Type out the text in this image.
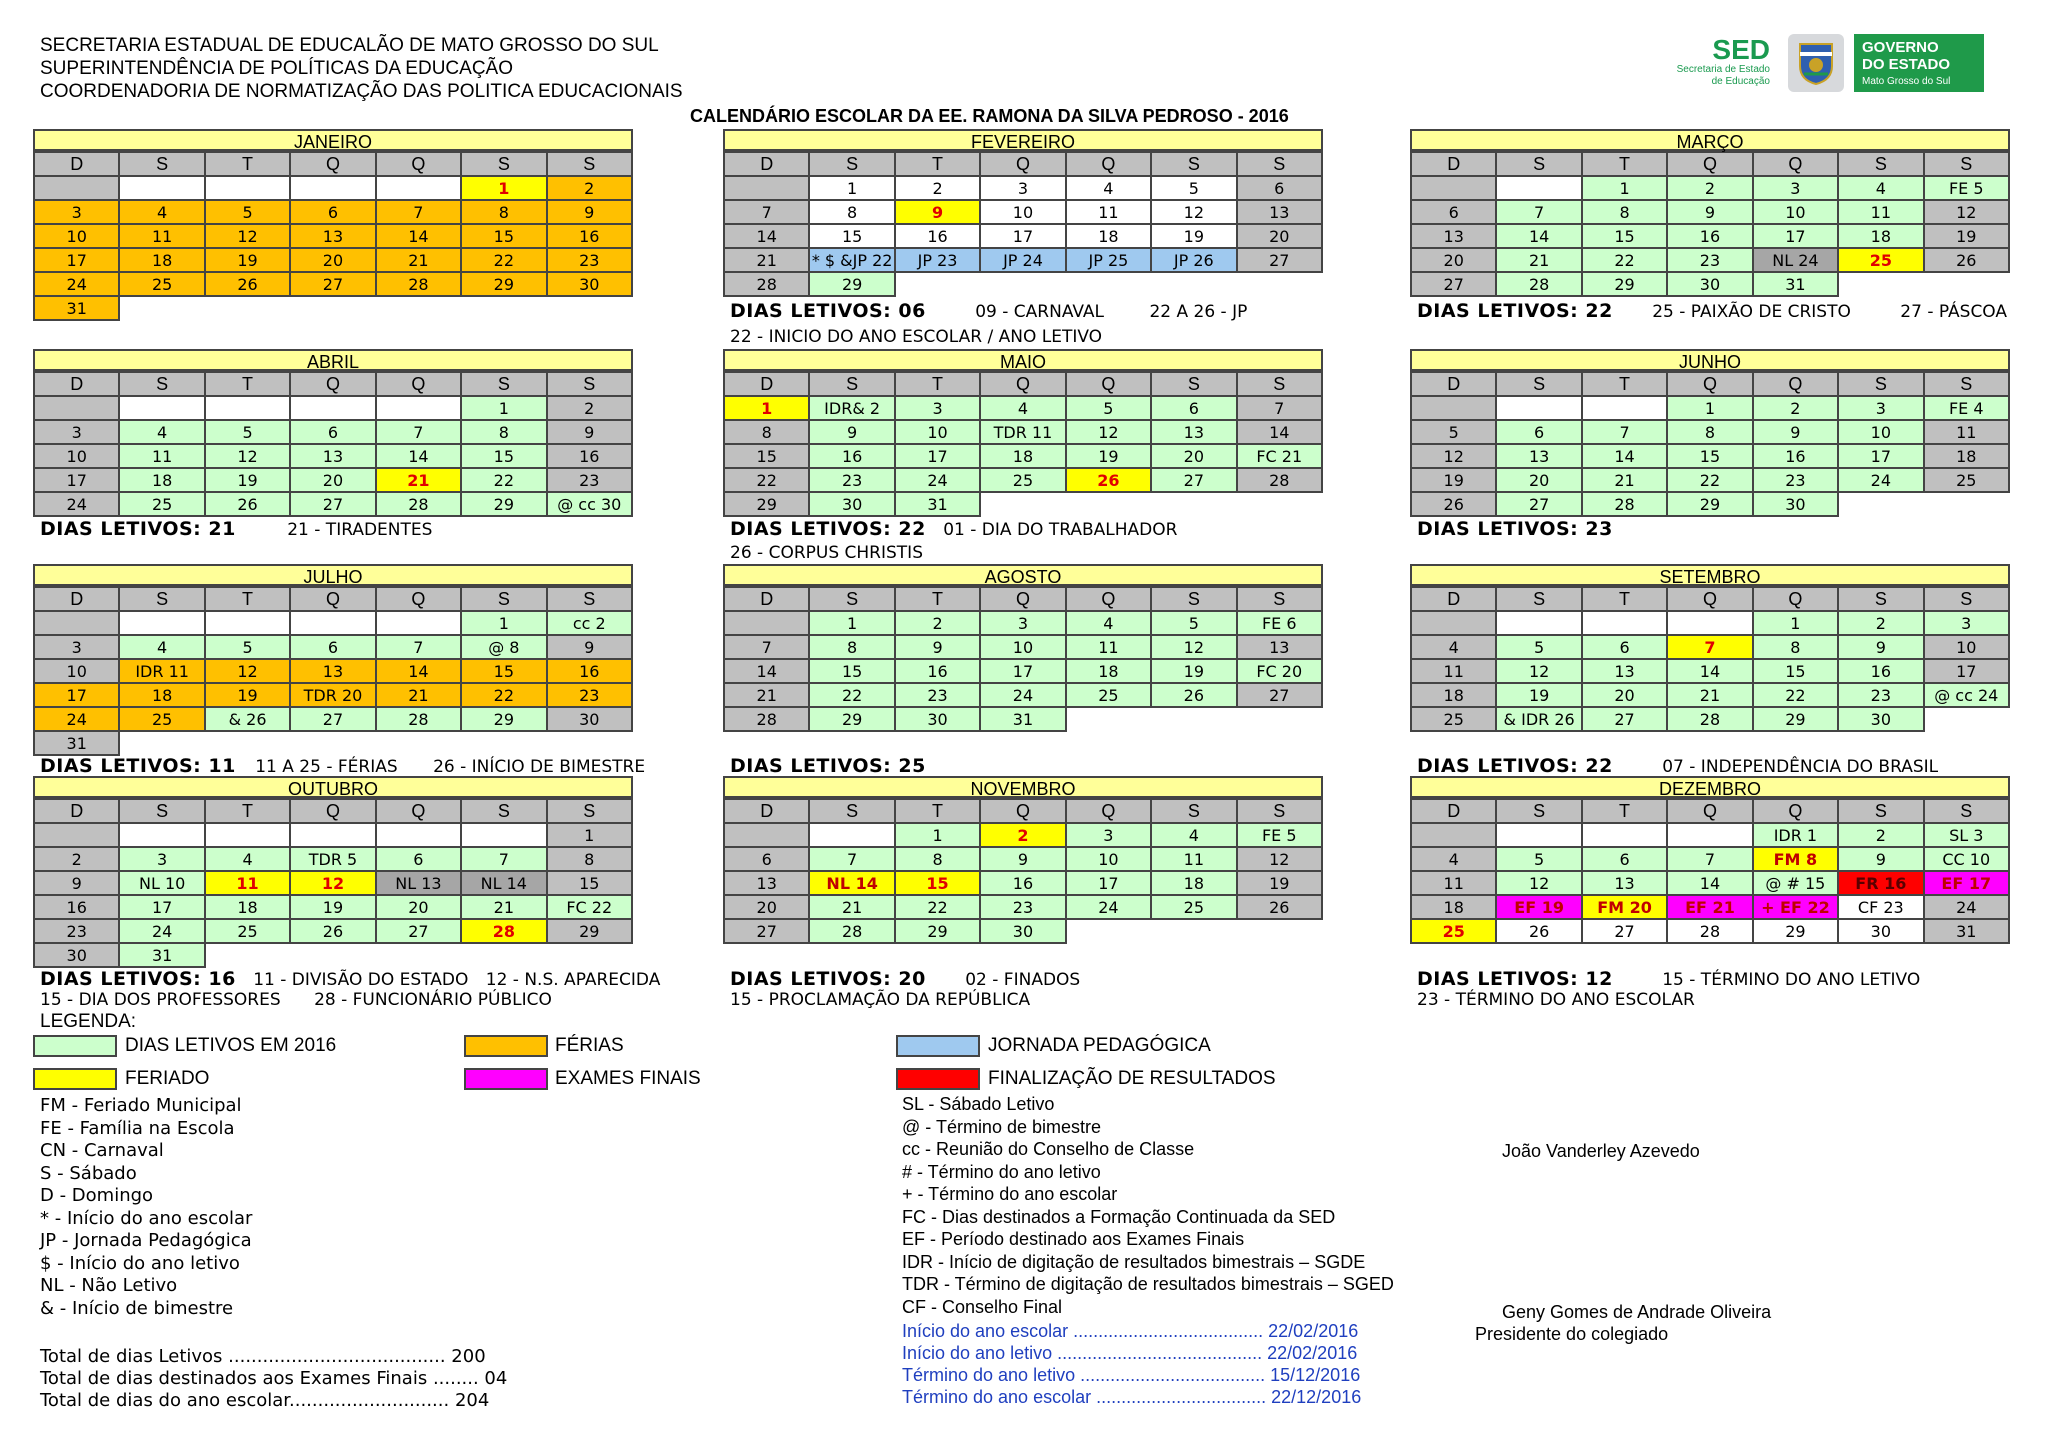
SECRETARIA ESTADUAL DE EDUCALÃO DE MATO GROSSO DO SUL
SUPERINTENDÊNCIA DE POLÍTICAS DA EDUCAÇÃO
COORDENADORIA DE NORMATIZAÇÃO DAS POLITICA EDUCACIONAIS
CALENDÁRIO ESCOLAR DA EE. RAMONA DA SILVA PEDROSO - 2016
SED
Secretaria de Estado
de Educação
GOVERNO
DO ESTADO
Mato Grosso do Sul
JANEIRO
D	S	T	Q	Q	S	S
					1	2
3	4	5	6	7	8	9
10	11	12	13	14	15	16
17	18	19	20	21	22	23
24	25	26	27	28	29	30
31						
FEVEREIRO
D	S	T	Q	Q	S	S
	1	2	3	4	5	6
7	8	9	10	11	12	13
14	15	16	17	18	19	20
21	* $ &JP 22	JP 23	JP 24	JP 25	JP 26	27
28	29					
MARÇO
D	S	T	Q	Q	S	S
		1	2	3	4	FE 5
6	7	8	9	10	11	12
13	14	15	16	17	18	19
20	21	22	23	NL 24	25	26
27	28	29	30	31		
ABRIL
D	S	T	Q	Q	S	S
					1	2
3	4	5	6	7	8	9
10	11	12	13	14	15	16
17	18	19	20	21	22	23
24	25	26	27	28	29	@ cc 30
MAIO
D	S	T	Q	Q	S	S
1	IDR& 2	3	4	5	6	7
8	9	10	TDR 11	12	13	14
15	16	17	18	19	20	FC 21
22	23	24	25	26	27	28
29	30	31				
JUNHO
D	S	T	Q	Q	S	S
			1	2	3	FE 4
5	6	7	8	9	10	11
12	13	14	15	16	17	18
19	20	21	22	23	24	25
26	27	28	29	30		
JULHO
D	S	T	Q	Q	S	S
					1	cc 2
3	4	5	6	7	@ 8	9
10	IDR 11	12	13	14	15	16
17	18	19	TDR 20	21	22	23
24	25	& 26	27	28	29	30
31						
AGOSTO
D	S	T	Q	Q	S	S
	1	2	3	4	5	FE 6
7	8	9	10	11	12	13
14	15	16	17	18	19	FC 20
21	22	23	24	25	26	27
28	29	30	31			
SETEMBRO
D	S	T	Q	Q	S	S
				1	2	3
4	5	6	7	8	9	10
11	12	13	14	15	16	17
18	19	20	21	22	23	@ cc 24
25	& IDR 26	27	28	29	30	
OUTUBRO
D	S	T	Q	Q	S	S
						1
2	3	4	TDR 5	6	7	8
9	NL 10	11	12	NL 13	NL 14	15
16	17	18	19	20	21	FC 22
23	24	25	26	27	28	29
30	31					
NOVEMBRO
D	S	T	Q	Q	S	S
		1	2	3	4	FE 5
6	7	8	9	10	11	12
13	NL 14	15	16	17	18	19
20	21	22	23	24	25	26
27	28	29	30			
DEZEMBRO
D	S	T	Q	Q	S	S
				IDR 1	2	SL 3
4	5	6	7	FM 8	9	CC 10
11	12	13	14	@ # 15	FR 16	EF 17
18	EF 19	FM 20	EF 21	+ EF 22	CF 23	24
25	26	27	28	29	30	31
DIAS LETIVOS: 06	09 - CARNAVAL	22 A 26 - JP
22 - INICIO DO ANO ESCOLAR / ANO LETIVO
DIAS LETIVOS: 22 25 - PAIXÃO DE CRISTO	27 - PÁSCOA
DIAS LETIVOS: 21	21 - TIRADENTES	DIAS LETIVOS: 22 01 - DIA DO TRABALHADOR
26 - CORPUS CHRISTIS
DIAS LETIVOS: 23
DIAS LETIVOS: 11 11 A 25 - FÉRIAS 26 - INÍCIO DE BIMESTRE	DIAS LETIVOS: 25	DIAS LETIVOS: 22	07 - INDEPENDÊNCIA DO BRASIL
DIAS LETIVOS: 16 11 - DIVISÃO DO ESTADO 12 - N.S. APARECIDA
15 - DIA DOS PROFESSORES 28 - FUNCIONÁRIO PÚBLICO
DIAS LETIVOS: 20 02 - FINADOS
15 - PROCLAMAÇÃO DA REPÚBLICA
DIAS LETIVOS: 12	15 - TÉRMINO DO ANO LETIVO
23 - TÉRMINO DO ANO ESCOLAR
LEGENDA:
DIAS LETIVOS EM 2016	FÉRIAS	JORNADA PEDAGÓGICA
FERIADO	EXAMES FINAIS	FINALIZAÇÃO DE RESULTADOS
FM - Feriado Municipal
FE - Família na Escola
CN - Carnaval
S - Sábado
D - Domingo
* - Início do ano escolar
JP - Jornada Pedagógica
$ - Início do ano letivo
NL - Não Letivo
& - Início de bimestre
Total de dias Letivos ...................................... 200
Total de dias destinados aos Exames Finais ........ 04
Total de dias do ano escolar............................ 204
SL - Sábado Letivo
@ - Término de bimestre
cc - Reunião do Conselho de Classe
# - Término do ano letivo
+ - Término do ano escolar
FC - Dias destinados a Formação Continuada da SED
EF - Período destinado aos Exames Finais
IDR - Início de digitação de resultados bimestrais – SGDE
TDR - Término de digitação de resultados bimestrais – SGED
CF - Conselho Final
Início do ano escolar ...................................... 22/02/2016
Início do ano letivo ......................................... 22/02/2016
Término do ano letivo ..................................... 15/12/2016
Término do ano escolar .................................. 22/12/2016
João Vanderley Azevedo
Geny Gomes de Andrade Oliveira
Presidente do colegiado
